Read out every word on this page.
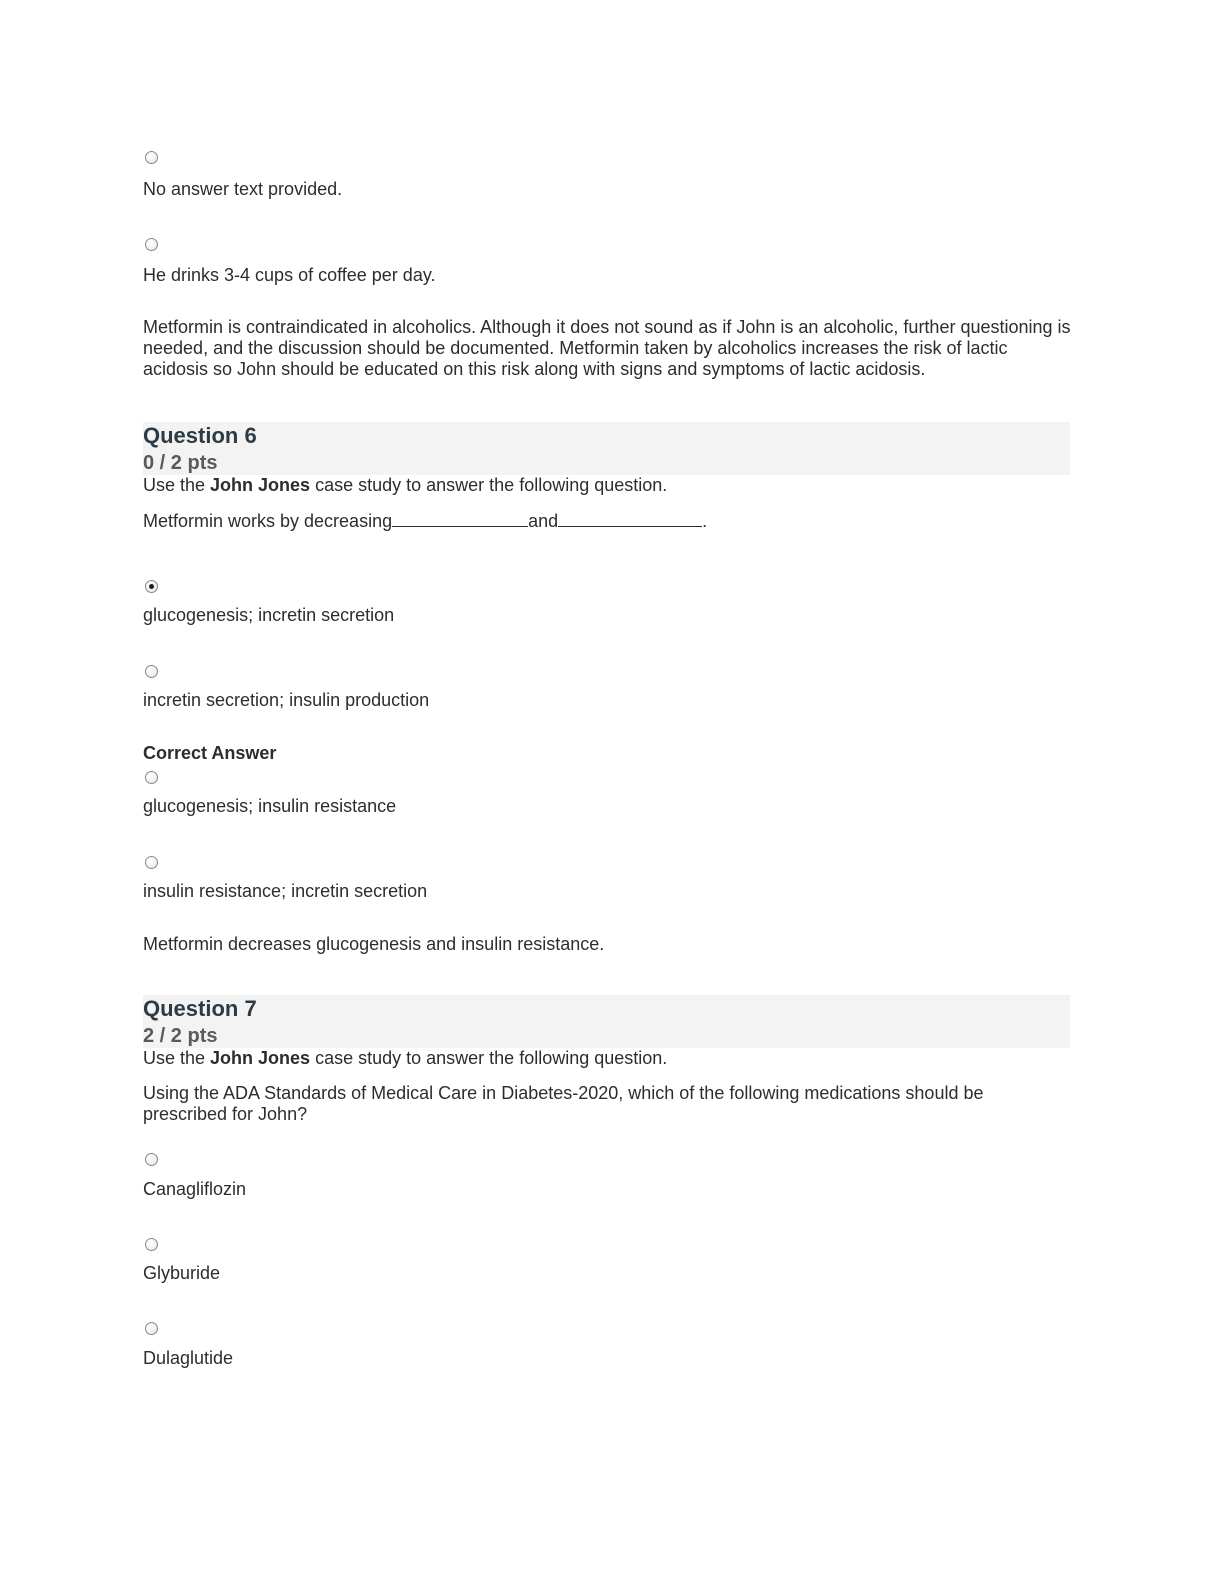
No answer text provided.
He drinks 3-4 cups of coffee per day.
Metformin is contraindicated in alcoholics. Although it does not sound as if John is an alcoholic, further questioning is needed, and the discussion should be documented. Metformin taken by alcoholics increases the risk of lactic acidosis so John should be educated on this risk along with signs and symptoms of lactic acidosis.
Question 6
0 / 2 pts
Use the John Jones case study to answer the following question.
Metformin works by decreasing	and	.
glucogenesis; incretin secretion
incretin secretion; insulin production
Correct Answer
glucogenesis; insulin resistance
insulin resistance; incretin secretion
Metformin decreases glucogenesis and insulin resistance.
Question 7
2 / 2 pts
Use the John Jones case study to answer the following question.
Using the ADA Standards of Medical Care in Diabetes-2020, which of the following medications should be prescribed for John?
Canagliflozin
Glyburide
Dulaglutide
